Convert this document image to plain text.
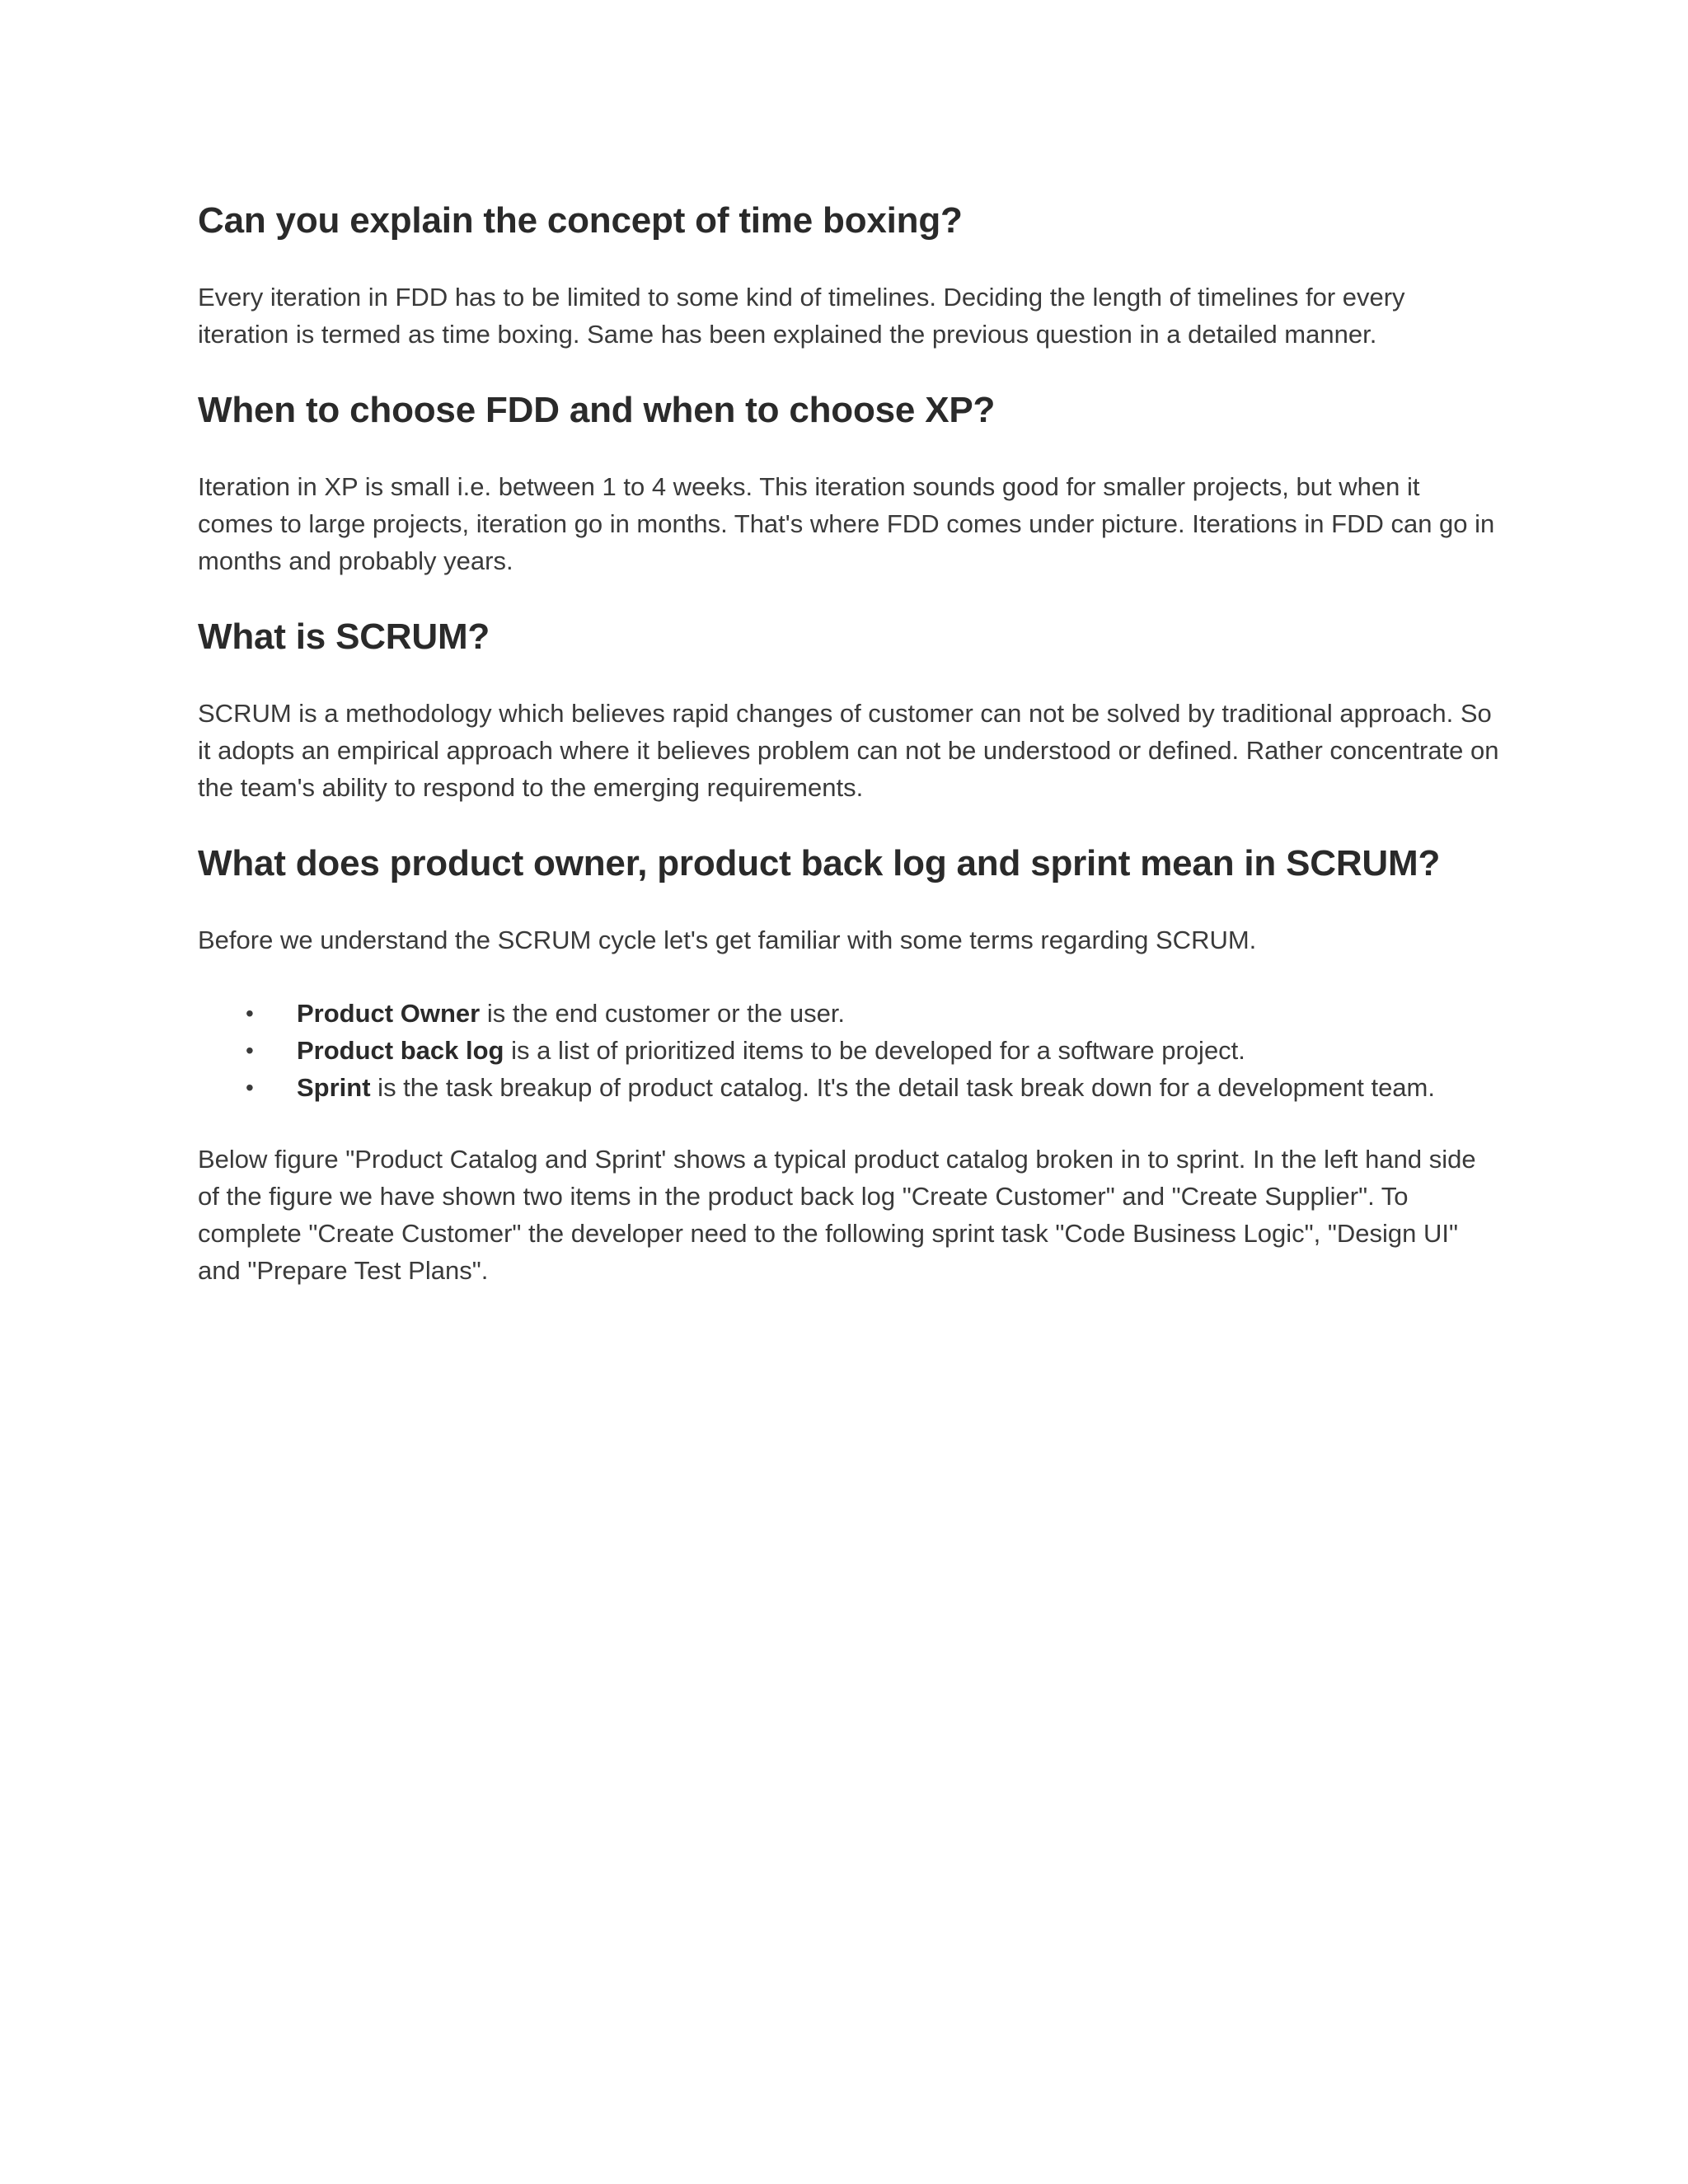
Can you explain the concept of time boxing?

Every iteration in FDD has to be limited to some kind of timelines. Deciding the length of timelines for every iteration is termed as time boxing. Same has been explained the previous question in a detailed manner.

When to choose FDD and when to choose XP?

Iteration in XP is small i.e. between 1 to 4 weeks. This iteration sounds good for smaller projects, but when it comes to large projects, iteration go in months. That's where FDD comes under picture. Iterations in FDD can go in months and probably years.

What is SCRUM?

SCRUM is a methodology which believes rapid changes of customer can not be solved by traditional approach. So it adopts an empirical approach where it believes problem can not be understood or defined. Rather concentrate on the team's ability to respond to the emerging requirements.

What does product owner, product back log and sprint mean in SCRUM?

Before we understand the SCRUM cycle let's get familiar with some terms regarding SCRUM.

• Product Owner is the end customer or the user.
• Product back log is a list of prioritized items to be developed for a software project.
• Sprint is the task breakup of product catalog. It's the detail task break down for a development team.

Below figure "Product Catalog and Sprint' shows a typical product catalog broken in to sprint. In the left hand side of the figure we have shown two items in the product back log "Create Customer" and "Create Supplier". To complete "Create Customer" the developer need to the following sprint task "Code Business Logic", "Design UI" and "Prepare Test Plans".
